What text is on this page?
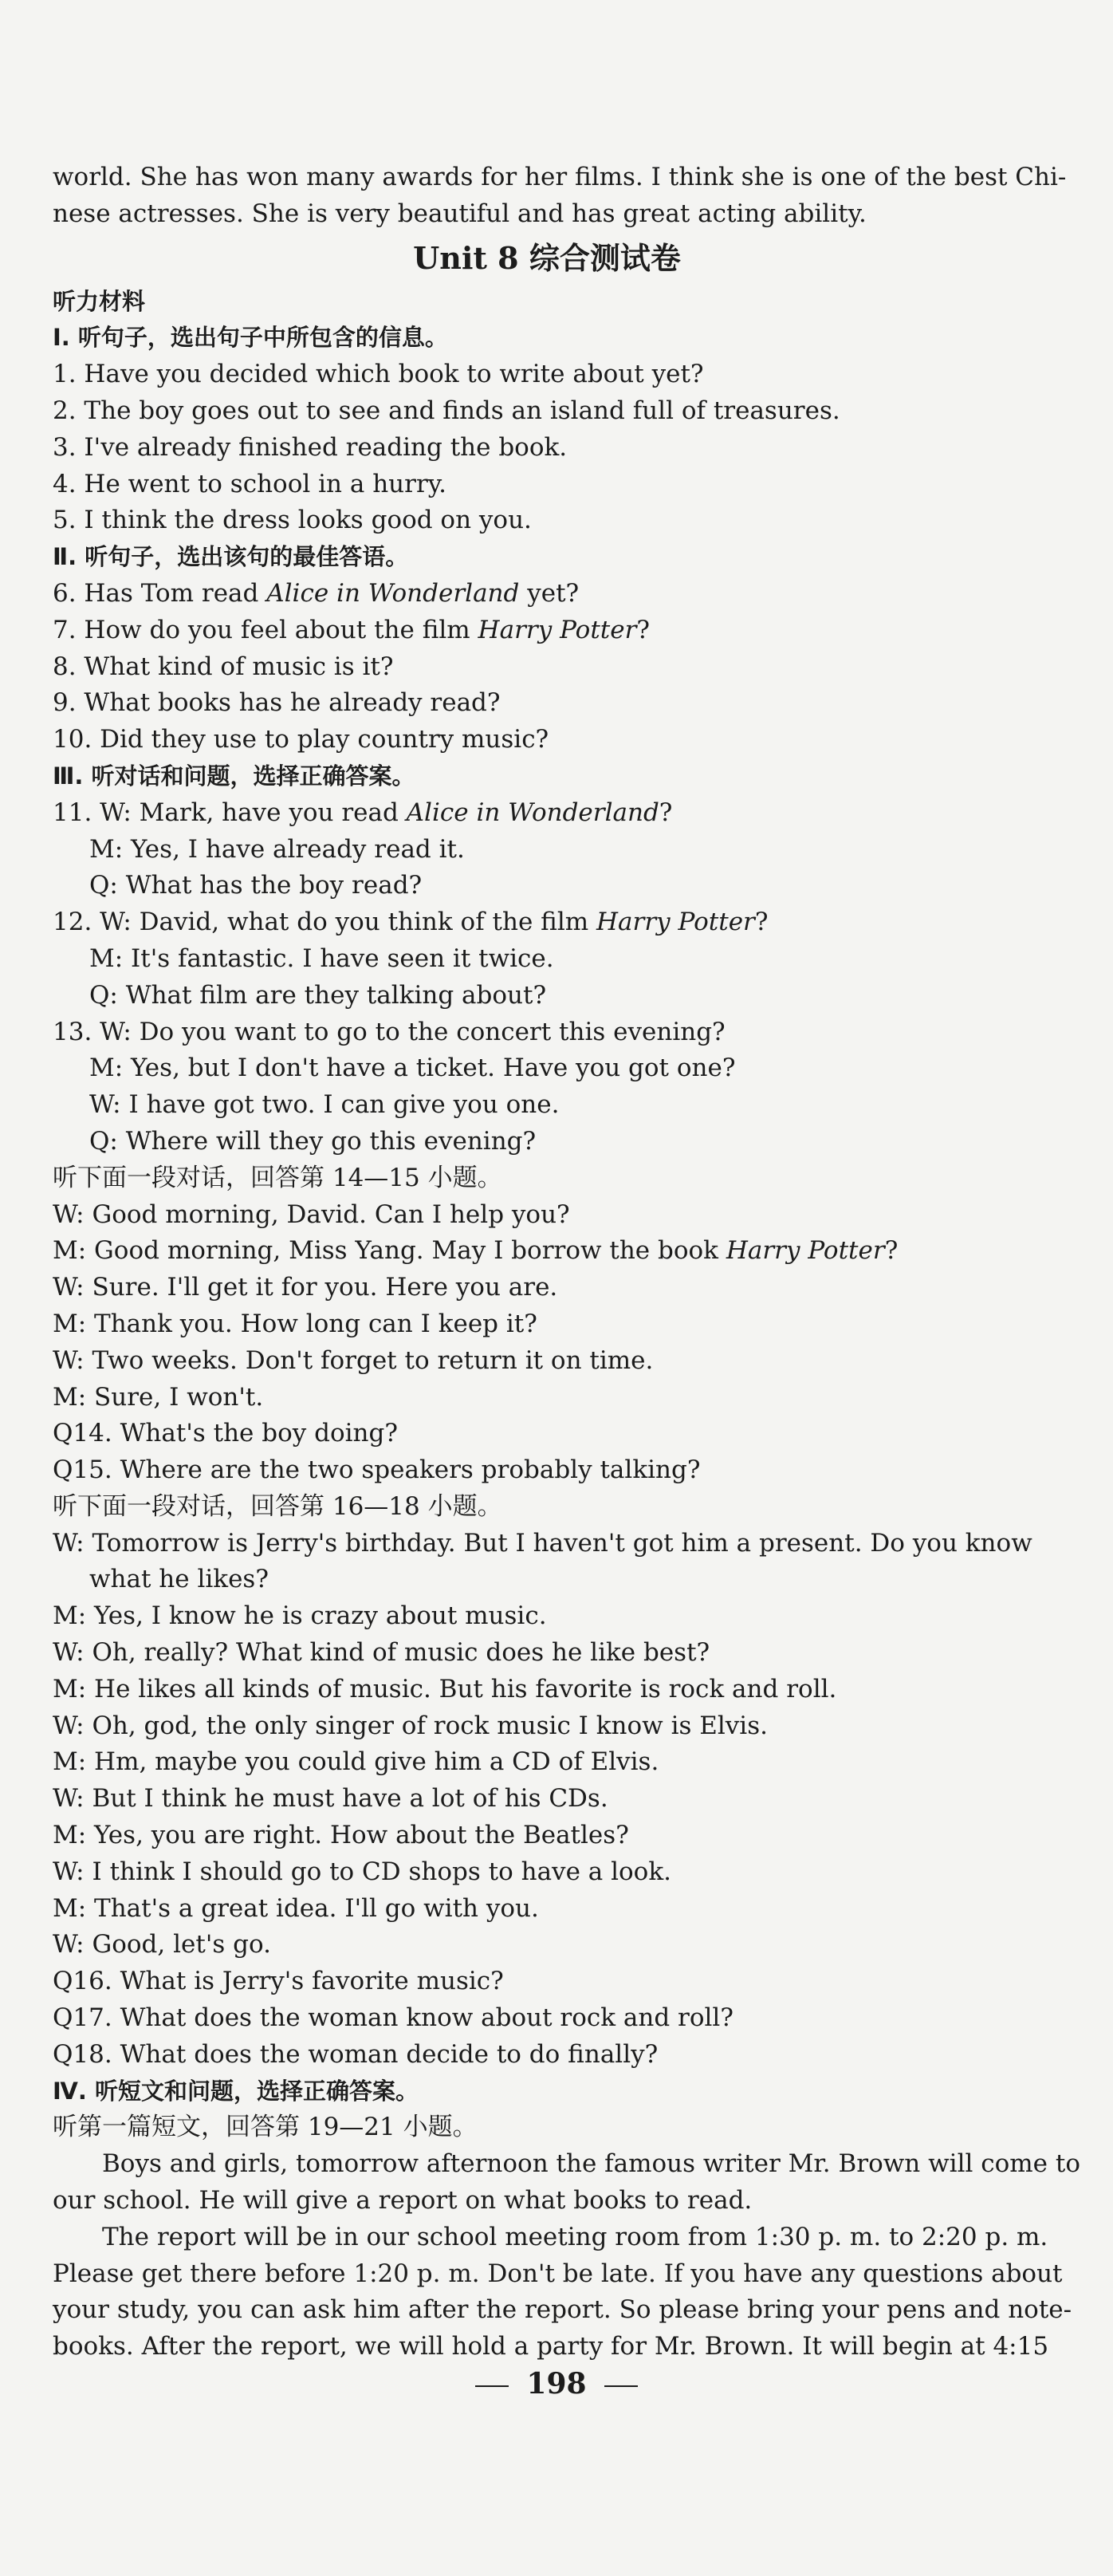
world. She has won many awards for her films. I think she is one of the best Chi-

nese actresses. She is very beautiful and has great acting ability.

Unit 8 综合测试卷

听力材料

Ⅰ. 听句子，选出句子中所包含的信息。

1. Have you decided which book to write about yet?

2. The boy goes out to see and finds an island full of treasures.

3. I've already finished reading the book.

4. He went to school in a hurry.

5. I think the dress looks good on you.

Ⅱ. 听句子，选出该句的最佳答语。

6. Has Tom read Alice in Wonderland yet?

7. How do you feel about the film Harry Potter?

8. What kind of music is it?

9. What books has he already read?

10. Did they use to play country music?

Ⅲ. 听对话和问题，选择正确答案。

11. W: Mark, have you read Alice in Wonderland?

M: Yes, I have already read it.

Q: What has the boy read?

12. W: David, what do you think of the film Harry Potter?

M: It's fantastic. I have seen it twice.

Q: What film are they talking about?

13. W: Do you want to go to the concert this evening?

M: Yes, but I don't have a ticket. Have you got one?

W: I have got two. I can give you one.

Q: Where will they go this evening?

听下面一段对话，回答第 14—15 小题。

W: Good morning, David. Can I help you?

M: Good morning, Miss Yang. May I borrow the book Harry Potter?

W: Sure. I'll get it for you. Here you are.

M: Thank you. How long can I keep it?

W: Two weeks. Don't forget to return it on time.

M: Sure, I won't.

Q14. What's the boy doing?

Q15. Where are the two speakers probably talking?

听下面一段对话，回答第 16—18 小题。

W: Tomorrow is Jerry's birthday. But I haven't got him a present. Do you know

what he likes?

M: Yes, I know he is crazy about music.

W: Oh, really? What kind of music does he like best?

M: He likes all kinds of music. But his favorite is rock and roll.

W: Oh, god, the only singer of rock music I know is Elvis.

M: Hm, maybe you could give him a CD of Elvis.

W: But I think he must have a lot of his CDs.

M: Yes, you are right. How about the Beatles?

W: I think I should go to CD shops to have a look.

M: That's a great idea. I'll go with you.

W: Good, let's go.

Q16. What is Jerry's favorite music?

Q17. What does the woman know about rock and roll?

Q18. What does the woman decide to do finally?

Ⅳ. 听短文和问题，选择正确答案。

听第一篇短文，回答第 19—21 小题。

Boys and girls, tomorrow afternoon the famous writer Mr. Brown will come to

our school. He will give a report on what books to read.

The report will be in our school meeting room from 1:30 p. m. to 2:20 p. m.

Please get there before 1:20 p. m. Don't be late. If you have any questions about

your study, you can ask him after the report. So please bring your pens and note-

books. After the report, we will hold a party for Mr. Brown. It will begin at 4:15

198
